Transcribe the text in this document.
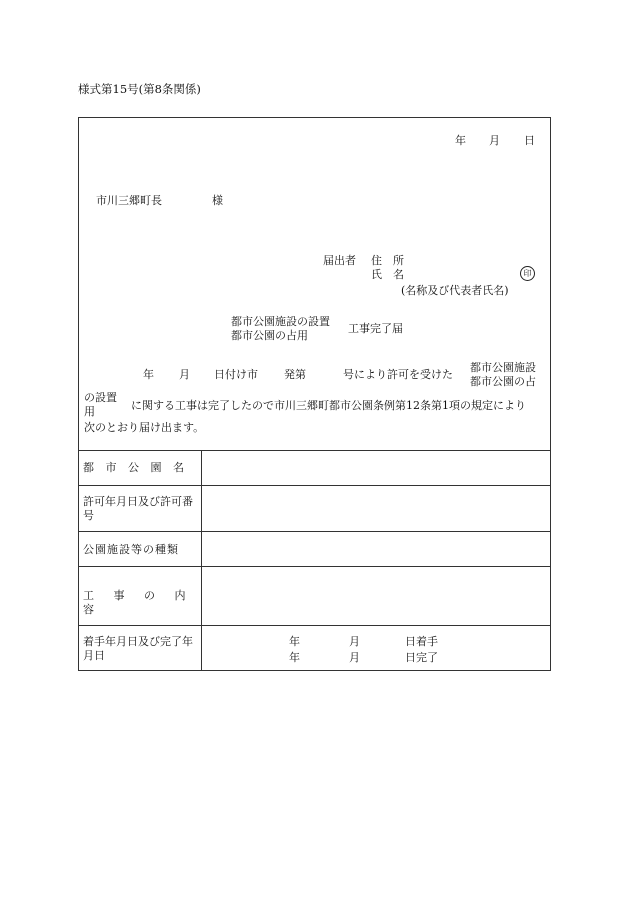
様式第15号(第8条関係)
年 月 日
市川三郷町長	様
届出者 住　所
氏　名	印
(名称及び代表者氏名)
都市公園施設の設置
都市公園の占用
工事完了届
年 月 日付け市 発第	号により許可を受けた
都市公園施設
都市公園の占
の設置
用	に関する工事は完了したので市川三郷町都市公園条例第12条第1項の規定により
次のとおり届け出ます。
都 市 公 園 名
許可年月日及び許可番号
公園施設等の種類
工 事 の 内 容
着手年月日及び完了年月日
年	月	日着手
年	月	日完了
